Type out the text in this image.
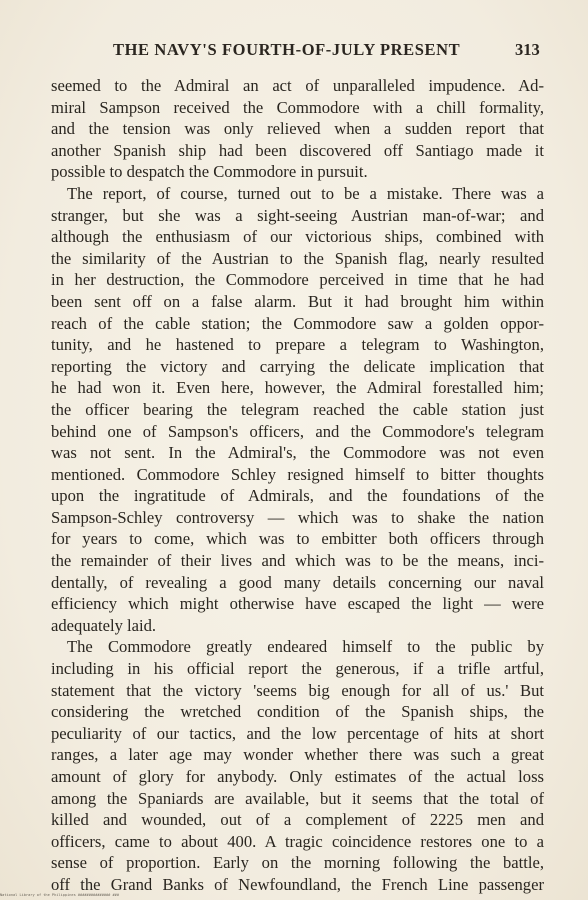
THE NAVY'S FOURTH-OF-JULY PRESENT	313
seemed to the Admiral an act of unparalleled impudence. Ad-
miral Sampson received the Commodore with a chill formality,
and the tension was only relieved when a sudden report that
another Spanish ship had been discovered off Santiago made it
possible to despatch the Commodore in pursuit.
The report, of course, turned out to be a mistake. There was a
stranger, but she was a sight-seeing Austrian man-of-war; and
although the enthusiasm of our victorious ships, combined with
the similarity of the Austrian to the Spanish flag, nearly resulted
in her destruction, the Commodore perceived in time that he had
been sent off on a false alarm. But it had brought him within
reach of the cable station; the Commodore saw a golden oppor-
tunity, and he hastened to prepare a telegram to Washington,
reporting the victory and carrying the delicate implication that
he had won it. Even here, however, the Admiral forestalled him;
the officer bearing the telegram reached the cable station just
behind one of Sampson's officers, and the Commodore's telegram
was not sent. In the Admiral's, the Commodore was not even
mentioned. Commodore Schley resigned himself to bitter thoughts
upon the ingratitude of Admirals, and the foundations of the
Sampson-Schley controversy — which was to shake the nation
for years to come, which was to embitter both officers through
the remainder of their lives and which was to be the means, inci-
dentally, of revealing a good many details concerning our naval
efficiency which might otherwise have escaped the light — were
adequately laid.
The Commodore greatly endeared himself to the public by
including in his official report the generous, if a trifle artful,
statement that the victory 'seems big enough for all of us.' But
considering the wretched condition of the Spanish ships, the
peculiarity of our tactics, and the low percentage of hits at short
ranges, a later age may wonder whether there was such a great
amount of glory for anybody. Only estimates of the actual loss
among the Spaniards are available, but it seems that the total of
killed and wounded, out of a complement of 2225 men and
officers, came to about 400. A tragic coincidence restores one to a
sense of proportion. Early on the morning following the battle,
off the Grand Banks of Newfoundland, the French Line passenger
National Library of the Philippines ############### ###
